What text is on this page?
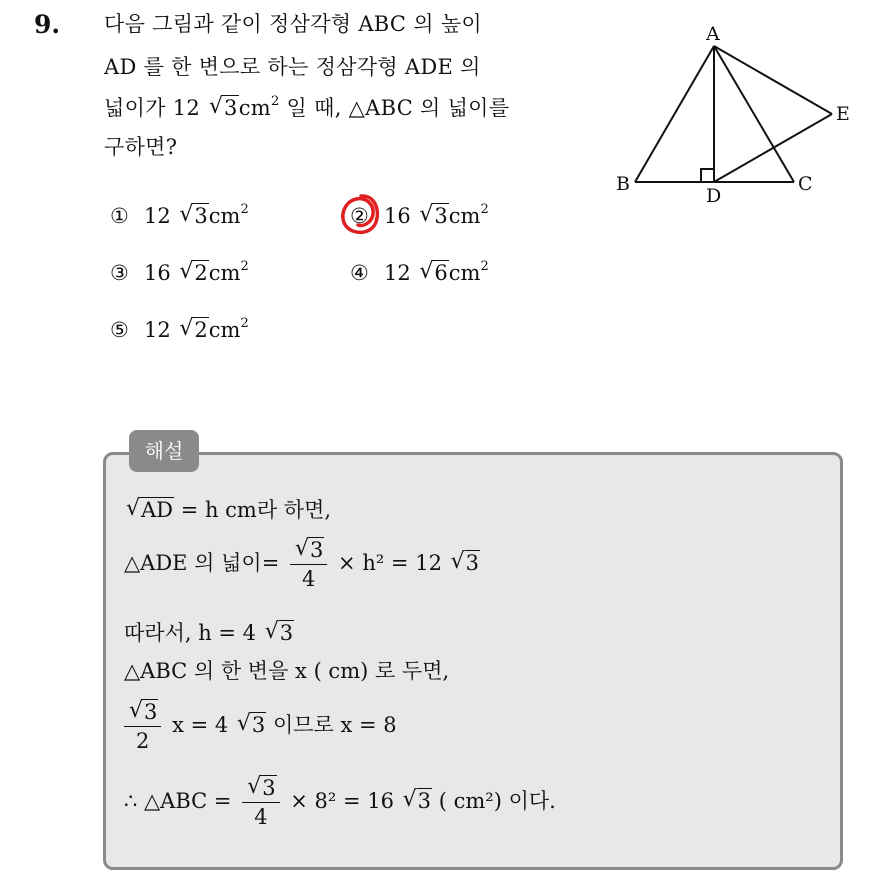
9. 다음 그림과 같이 정삼각형 ABC 의 높이
AD 를 한 변으로 하는 정삼각형 ADE 의
넓이가 12 √ $3cm^2$ 일 때, △ABC 의 넓이를
구하면?
① 12 √ $3cm^2$	② 16 √ $3cm^2$
③ 16 √ $2cm^2$	④ 12 √ $6cm^2$
⑤ 12 √ $2cm^2$
A
B	C
D
E
해설
√ AD = h cm라 하면,
△ADE 의 넓이= $\frac{√ 3}{4} \times h^2 = 12$ √ 3
따라서, h = 4 √ 3
△ABC 의 한 변을 x ( cm) 로 두면,
$\frac{√ 3}{2}$ x = 4 √ 3 이므로 x = 8
∴ △ABC = $\frac{√ 3}{4} \times 8^2 = 16$ √ 3 ( cm²) 이다.
